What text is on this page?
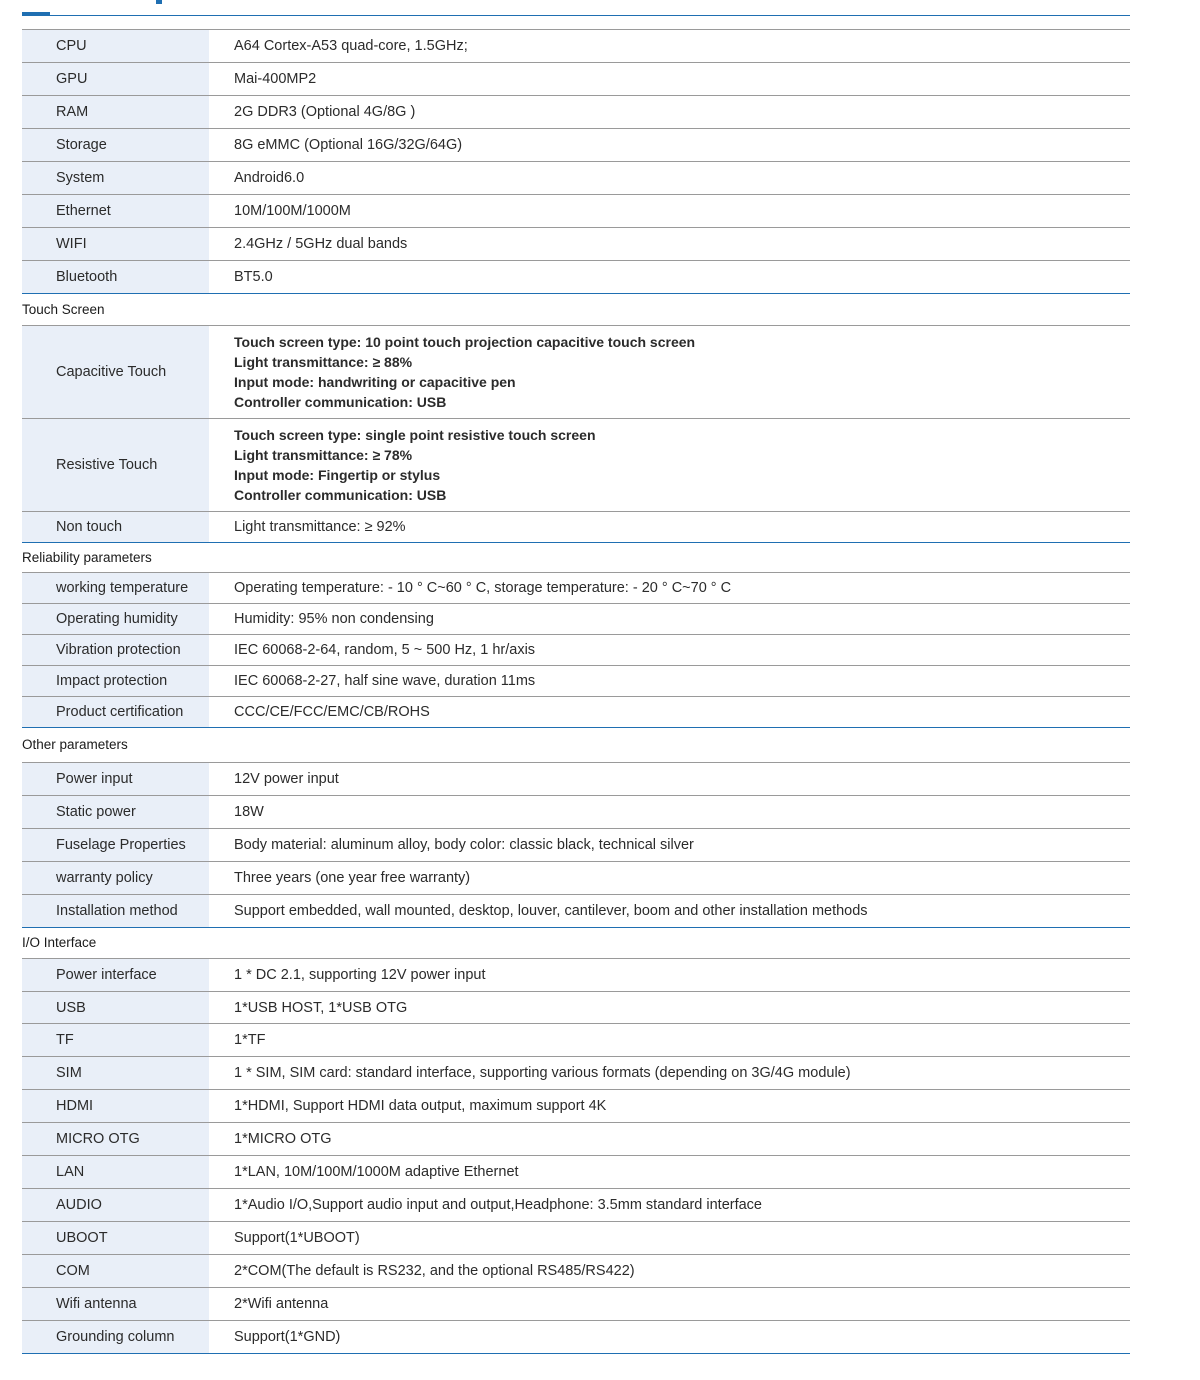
CPU	A64 Cortex-A53 quad-core, 1.5GHz;
GPU	Mai-400MP2
RAM	2G DDR3 (Optional 4G/8G )
Storage	8G eMMC (Optional 16G/32G/64G)
System	Android6.0
Ethernet	10M/100M/1000M
WIFI	2.4GHz / 5GHz dual bands
Bluetooth	BT5.0
Touch Screen	
Capacitive Touch	Touch screen type: 10 point touch projection capacitive touch screen
Light transmittance: ≥ 88%
Input mode: handwriting or capacitive pen
Controller communication: USB

Resistive Touch	Touch screen type: single point resistive touch screen
Light transmittance: ≥ 78%
Input mode: Fingertip or stylus
Controller communication: USB

Non touch	Light transmittance: ≥ 92%
Reliability parameters	
working temperature	Operating temperature: - 10 ° C~60 ° C, storage temperature: - 20 ° C~70 ° C
Operating humidity	Humidity: 95% non condensing
Vibration protection	IEC 60068-2-64, random, 5 ~ 500 Hz, 1 hr/axis
Impact protection	IEC 60068-2-27, half sine wave, duration 11ms
Product certification	CCC/CE/FCC/EMC/CB/ROHS
Other parameters	
Power input	12V power input
Static power	18W
Fuselage Properties	Body material: aluminum alloy, body color: classic black, technical silver
warranty policy	Three years (one year free warranty)
Installation method	Support embedded, wall mounted, desktop, louver, cantilever, boom and other installation methods
I/O Interface	
Power interface	1 * DC 2.1, supporting 12V power input
USB	1*USB HOST, 1*USB OTG
TF	1*TF
SIM	1 * SIM, SIM card: standard interface, supporting various formats (depending on 3G/4G module)
HDMI	1*HDMI, Support HDMI data output, maximum support 4K
MICRO OTG	1*MICRO OTG
LAN	1*LAN, 10M/100M/1000M adaptive Ethernet
AUDIO	1*Audio I/O,Support audio input and output,Headphone: 3.5mm standard interface
UBOOT	Support(1*UBOOT)
COM	2*COM(The default is RS232, and the optional RS485/RS422)
Wifi antenna	2*Wifi antenna
Grounding column	Support(1*GND)
